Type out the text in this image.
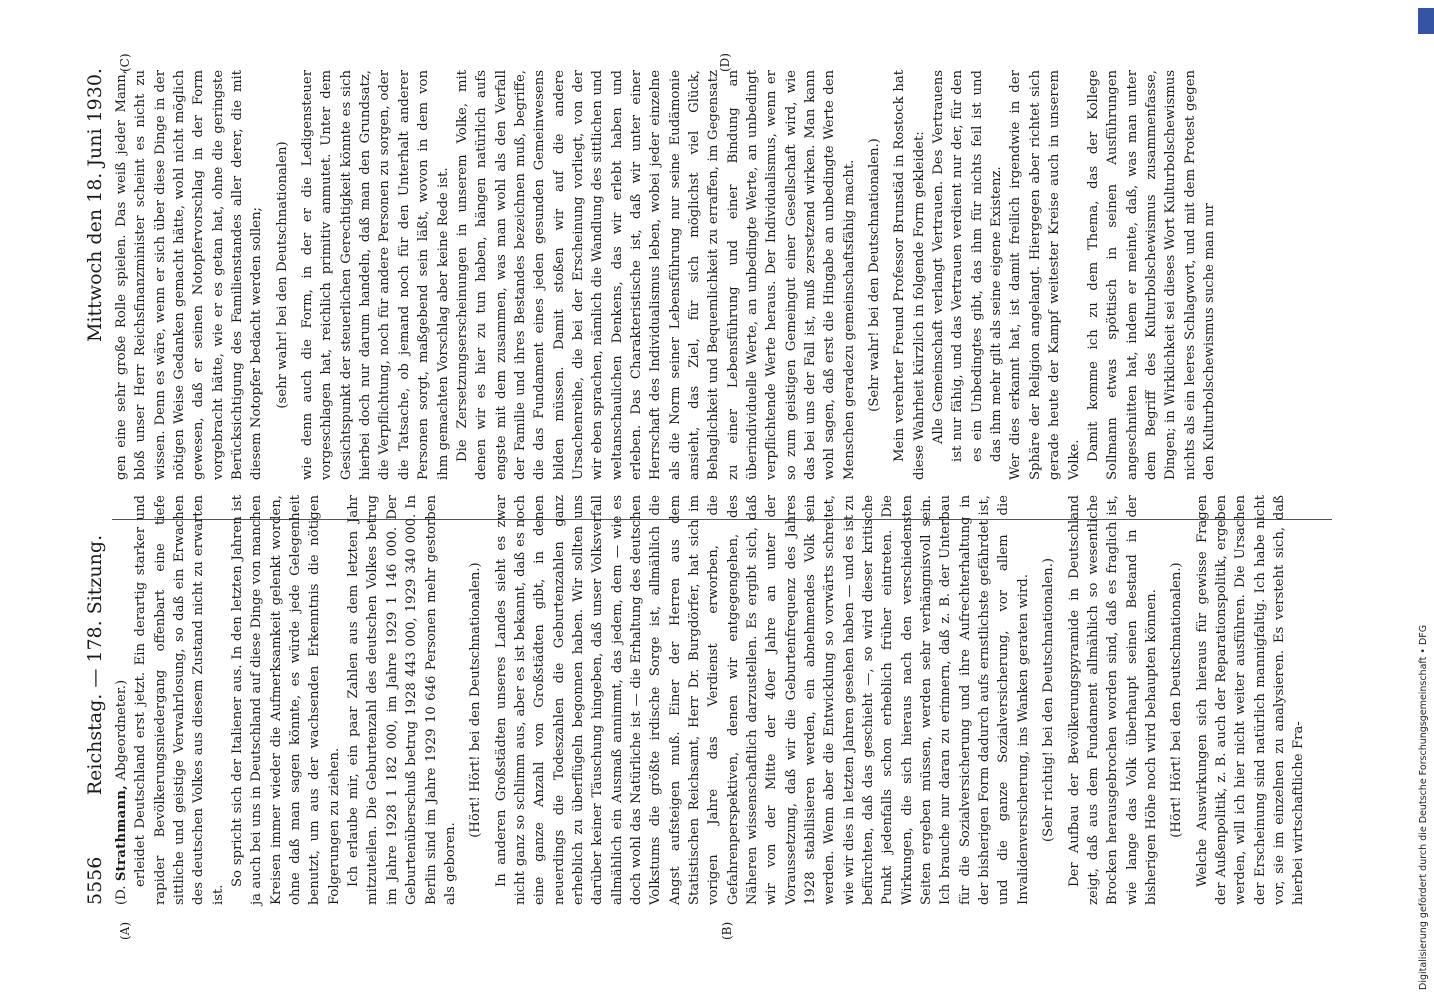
5556
Reichstag. — 178. Sitzung.
Mittwoch den 18. Juni 1930.
(A)	(B)
(C)	(D)

(D. Strathmann, Abgeordneter.) erleidet Deutschland erst jetzt. Ein derartig starker und rapider Bevölkerungsniedergang offenbart eine tiefe sittliche und geistige Verwahrlosung, so daß ein Erwachen des deutschen Volkes aus diesem Zustand nicht zu erwarten ist.

So spricht sich der Italiener aus. In den letzten Jahren ist ja auch bei uns in Deutschland auf diese Dinge von manchen Kreisen immer wieder die Aufmerksamkeit gelenkt worden, ohne daß man sagen könnte, es würde jede Gelegenheit benutzt, um aus der wachsenden Erkenntnis die nötigen Folgerungen zu ziehen. Ich erlaube mir, ein paar Zahlen aus dem letzten Jahr mitzuteilen. Die Geburtenzahl des deutschen Volkes betrug im Jahre 1928 1 182 000, im Jahre 1929 1 146 000. Der Geburtenüberschuß betrug 1928 443 000, 1929 340 000. In Berlin sind im Jahre 1929 10 646 Personen mehr gestorben als geboren.

(Hört! Hört! bei den Deutschnationalen.) In anderen Großstädten unseres Landes sieht es zwar nicht ganz so schlimm aus, aber es ist bekannt, daß es noch eine ganze Anzahl von Großstädten gibt, in denen neuerdings die Todeszahlen die Geburtenzahlen ganz erheblich zu überflügeln begonnen haben. Wir sollten uns darüber keiner Täuschung hingeben, daß unser Volksverfall allmählich ein Ausmaß annimmt, das jedem, dem — wie es doch wohl das Natürliche ist — die Erhaltung des deutschen Volkstums die größte irdische Sorge ist, allmählich die Angst aufsteigen muß. Einer der Herren aus dem Statistischen Reichsamt, Herr Dr. Burgdörfer, hat sich im vorigen Jahre das Verdienst erworben, die Gefahrenperspektiven, denen wir entgegengehen, des Näheren wissenschaftlich darzustellen. Es ergibt sich, daß wir von der Mitte der 40er Jahre an unter der Voraussetzung, daß wir die Geburtenfrequenz des Jahres 1928 stabilisieren werden, ein abnehmendes Volk sein werden. Wenn aber die Entwicklung so vorwärts schreitet, wie wir dies in letzten Jahren gesehen haben — und es ist zu befürchten, daß das geschieht —, so wird dieser kritische Punkt jedenfalls schon erheblich früher eintreten. Die Wirkungen, die sich hieraus nach den verschiedensten Seiten ergeben müssen, werden sehr verhängnisvoll sein. Ich brauche nur daran zu erinnern, daß z. B. der Unterbau für die Sozialversicherung und ihre Aufrechterhaltung in der bisherigen Form dadurch aufs ernstlichste gefährdet ist, und die ganze Sozialversicherung, vor allem die Invalidenversicherung, ins Wanken geraten wird. (Sehr richtig! bei den Deutschnationalen.) Der Aufbau der Bevölkerungspyramide in Deutschland zeigt, daß aus dem Fundament allmählich so wesentliche Brocken herausgebrochen worden sind, daß es fraglich ist, wie lange das Volk überhaupt seinen Bestand in der bisherigen Höhe noch wird behaupten können. (Hört! Hört! bei den Deutschnationalen.) Welche Auswirkungen sich hieraus für gewisse Fragen der Außenpolitik, z. B. auch der Reparationspolitik, ergeben werden, will ich hier nicht weiter ausführen. Die Ursachen der Erscheinung sind natürlich mannigfaltig. Ich habe nicht vor, sie im einzelnen zu analysieren. Es versteht sich, daß hierbei wirtschaftliche Fra-

gen eine sehr große Rolle spielen. Das weiß jeder Mann, bloß unser Herr Reichsfinanzminister scheint es nicht zu wissen. Denn es wäre, wenn er sich über diese Dinge in der nötigen Weise Gedanken gemacht hätte, wohl nicht möglich gewesen, daß er seinen Notopfervorschlag in der Form vorgebracht hätte, wie er es getan hat, ohne die geringste Berücksichtigung des Familienstandes aller derer, die mit diesem Notopfer bedacht werden sollen; (sehr wahr! bei den Deutschnationalen) wie denn auch die Form, in der er die Ledigensteuer vorgeschlagen hat, reichlich primitiv anmutet. Unter dem Gesichtspunkt der steuerlichen Gerechtigkeit könnte es sich hierbei doch nur darum handeln, daß man den Grundsatz, die Verpflichtung, noch für andere Personen zu sorgen, oder die Tatsache, ob jemand noch für den Unterhalt anderer Personen sorgt, maßgebend sein läßt, wovon in dem von ihm gemachten Vorschlag aber keine Rede ist. Die Zersetzungserscheinungen in unserem Volke, mit denen wir es hier zu tun haben, hängen natürlich aufs engste mit dem zusammen, was man wohl als den Verfall der Familie und ihres Bestandes bezeichnen muß, begriffe, die das Fundament eines jeden gesunden Gemeinwesens bilden müssen. Damit stoßen wir auf die andere Ursachenreihe, die bei der Erscheinung vorliegt, von der wir eben sprachen, nämlich die Wandlung des sittlichen und weltanschaulichen Denkens, das wir erlebt haben und erleben. Das Charakteristische ist, daß wir unter einer Herrschaft des Individualismus leben, wobei jeder einzelne als die Norm seiner Lebensführung nur seine Eudämonie ansieht, das Ziel, für sich möglichst viel Glück, Behaglichkeit und Bequemlichkeit zu erraffen, im Gegensatz zu einer Lebensführung und einer Bindung an überindividuelle Werte, an unbedingte Werte, an unbedingt verpflichtende Werte heraus. Der Individualismus, wenn er so zum geistigen Gemeingut einer Gesellschaft wird, wie das bei uns der Fall ist, muß zersetzend wirken. Man kann wohl sagen, daß erst die Hingabe an unbedingte Werte den Menschen geradezu gemeinschaftsfähig macht. (Sehr wahr! bei den Deutschnationalen.) Mein verehrter Freund Professor Brunstäd in Rostock hat diese Wahrheit kürzlich in folgende Form gekleidet: Alle Gemeinschaft verlangt Vertrauen. Des Vertrauens ist nur fähig, und das Vertrauen verdient nur der, für den es ein Unbedingtes gibt, das ihm für nichts feil ist und das ihm mehr gilt als seine eigene Existenz. Wer dies erkannt hat, ist damit freilich irgendwie in der Sphäre der Religion angelangt. Hiergegen aber richtet sich gerade heute der Kampf weitester Kreise auch in unserem Volke. Damit komme ich zu dem Thema, das der Kollege Sollmann etwas spöttisch in seinen Ausführungen angeschnitten hat, indem er meinte, daß, was man unter dem Begriff des Kulturbolschewismus zusammenfasse, Dingen; in Wirklichkeit sei dieses Wort Kulturbolschewismus nichts als ein leeres Schlagwort, und mit dem Protest gegen den Kulturbolschewismus suche man nur

Digitalisierung gefördert durch die Deutsche Forschungsgemeinschaft • DFG
